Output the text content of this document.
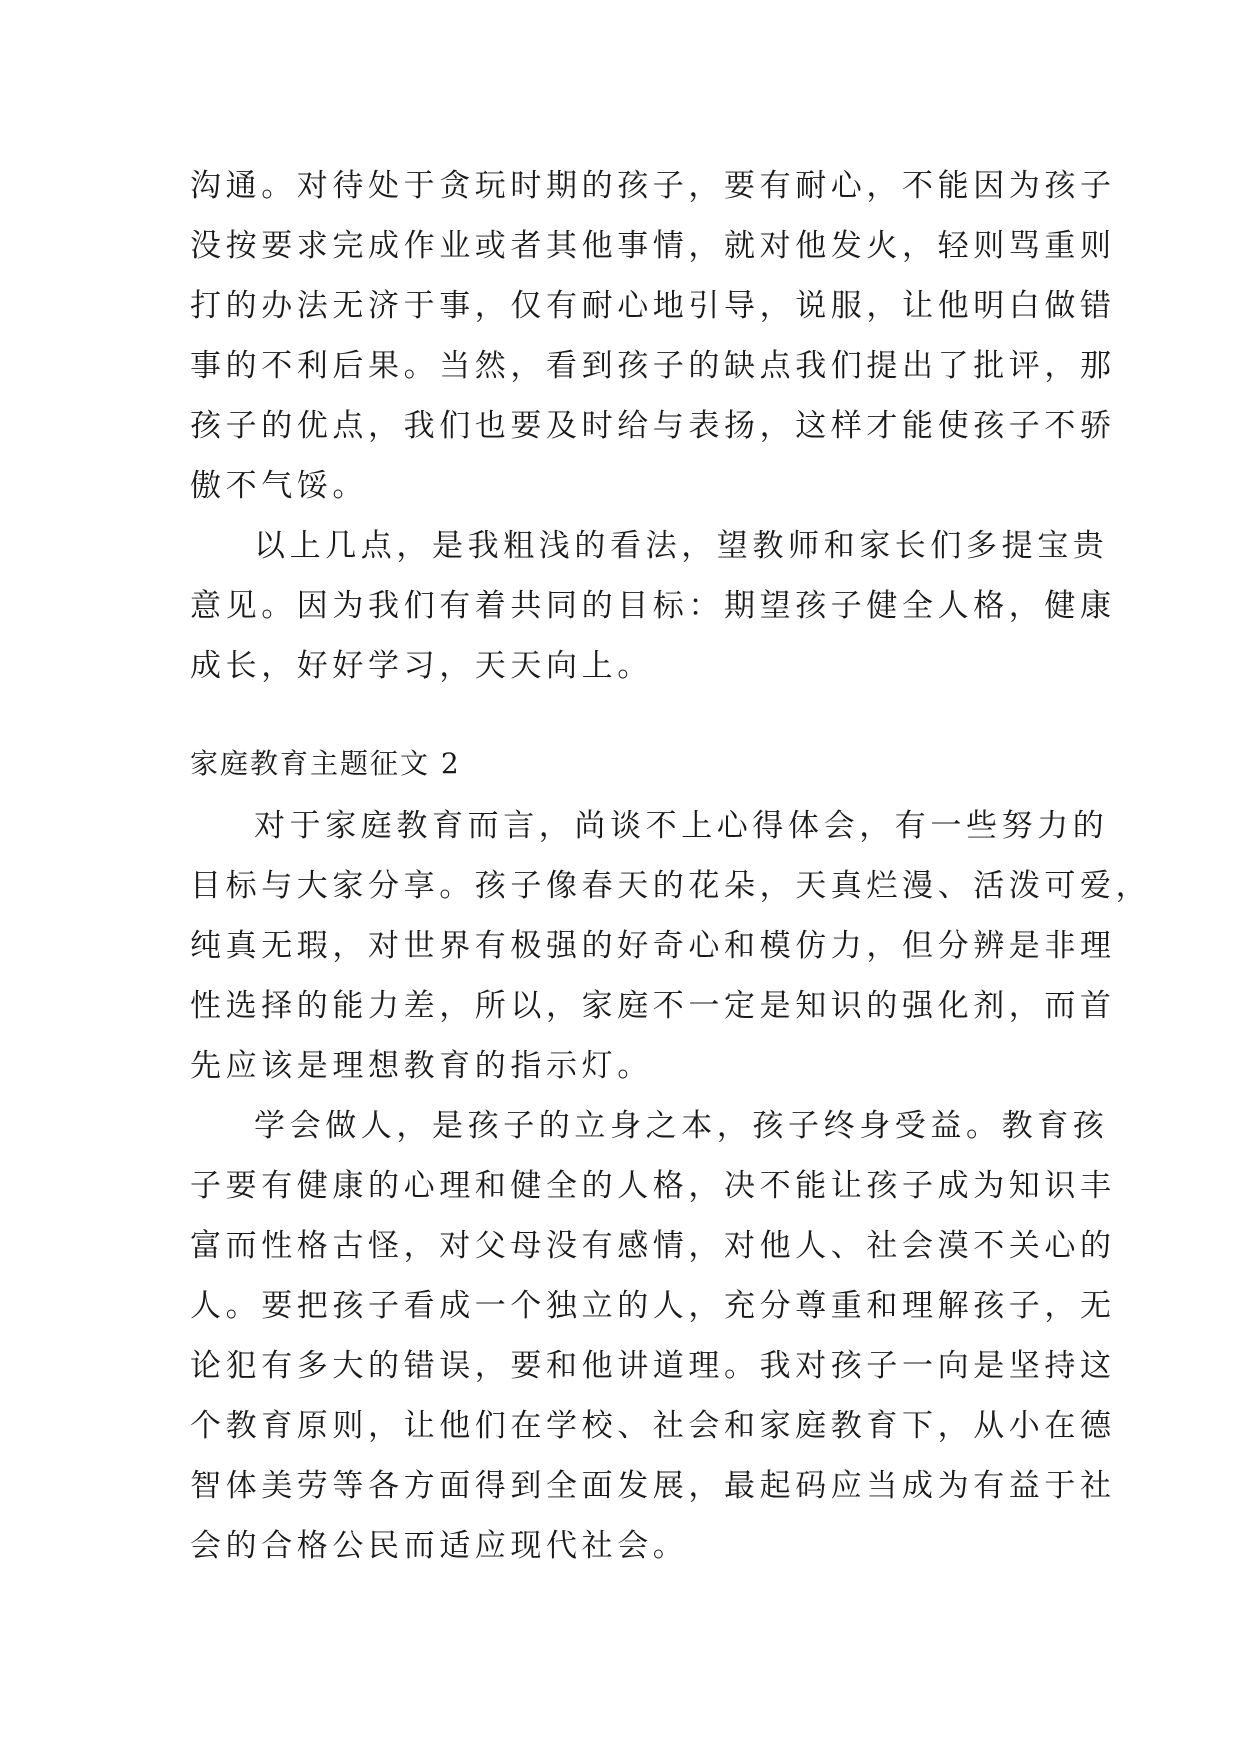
沟通。对待处于贪玩时期的孩子，要有耐心，不能因为孩子
没按要求完成作业或者其他事情，就对他发火，轻则骂重则
打的办法无济于事，仅有耐心地引导，说服，让他明白做错
事的不利后果。当然，看到孩子的缺点我们提出了批评，那
孩子的优点，我们也要及时给与表扬，这样才能使孩子不骄
傲不气馁。
以上几点，是我粗浅的看法，望教师和家长们多提宝贵
意见。因为我们有着共同的目标：期望孩子健全人格，健康
成长，好好学习，天天向上。
家庭教育主题征文 2
对于家庭教育而言，尚谈不上心得体会，有一些努力的
目标与大家分享。孩子像春天的花朵，天真烂漫、活泼可爱，
纯真无瑕，对世界有极强的好奇心和模仿力，但分辨是非理
性选择的能力差，所以，家庭不一定是知识的强化剂，而首
先应该是理想教育的指示灯。
学会做人，是孩子的立身之本，孩子终身受益。教育孩
子要有健康的心理和健全的人格，决不能让孩子成为知识丰
富而性格古怪，对父母没有感情，对他人、社会漠不关心的
人。要把孩子看成一个独立的人，充分尊重和理解孩子，无
论犯有多大的错误，要和他讲道理。我对孩子一向是坚持这
个教育原则，让他们在学校、社会和家庭教育下，从小在德
智体美劳等各方面得到全面发展，最起码应当成为有益于社
会的合格公民而适应现代社会。
